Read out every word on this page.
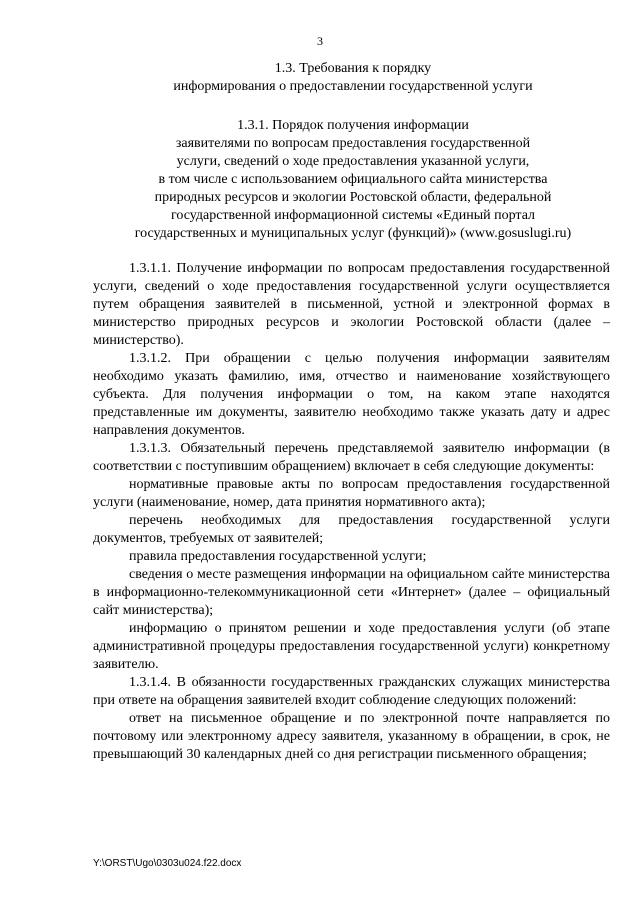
3
1.3. Требования к порядку
информирования о предоставлении государственной услуги
1.3.1. Порядок получения информации
заявителями по вопросам предоставления государственной
услуги, сведений о ходе предоставления указанной услуги,
в том числе с использованием официального сайта министерства
природных ресурсов и экологии Ростовской области, федеральной
государственной информационной системы «Единый портал
государственных и муниципальных услуг (функций)» (www.gosuslugi.ru)

1.3.1.1. Получение информации по вопросам предоставления государственной услуги, сведений о ходе предоставления государственной услуги осуществляется путем обращения заявителей в письменной, устной и электронной формах в министерство природных ресурсов и экологии Ростовской области (далее – министерство).

1.3.1.2. При обращении с целью получения информации заявителям необходимо указать фамилию, имя, отчество и наименование хозяйствующего субъекта. Для получения информации о том, на каком этапе находятся представленные им документы, заявителю необходимо также указать дату и адрес направления документов.

1.3.1.3. Обязательный перечень представляемой заявителю информации (в соответствии с поступившим обращением) включает в себя следующие документы:

нормативные правовые акты по вопросам предоставления государственной услуги (наименование, номер, дата принятия нормативного акта);

перечень необходимых для предоставления государственной услуги документов, требуемых от заявителей;

правила предоставления государственной услуги;

сведения о месте размещения информации на официальном сайте министерства в информационно-телекоммуникационной сети «Интернет» (далее – официальный сайт министерства);

информацию о принятом решении и ходе предоставления услуги (об этапе административной процедуры предоставления государственной услуги) конкретному заявителю.

1.3.1.4. В обязанности государственных гражданских служащих министерства при ответе на обращения заявителей входит соблюдение следующих положений:

ответ на письменное обращение и по электронной почте направляется по почтовому или электронному адресу заявителя, указанному в обращении, в срок, не превышающий 30 календарных дней со дня регистрации письменного обращения;

Y:\ORST\Ugo\0303u024.f22.docx
